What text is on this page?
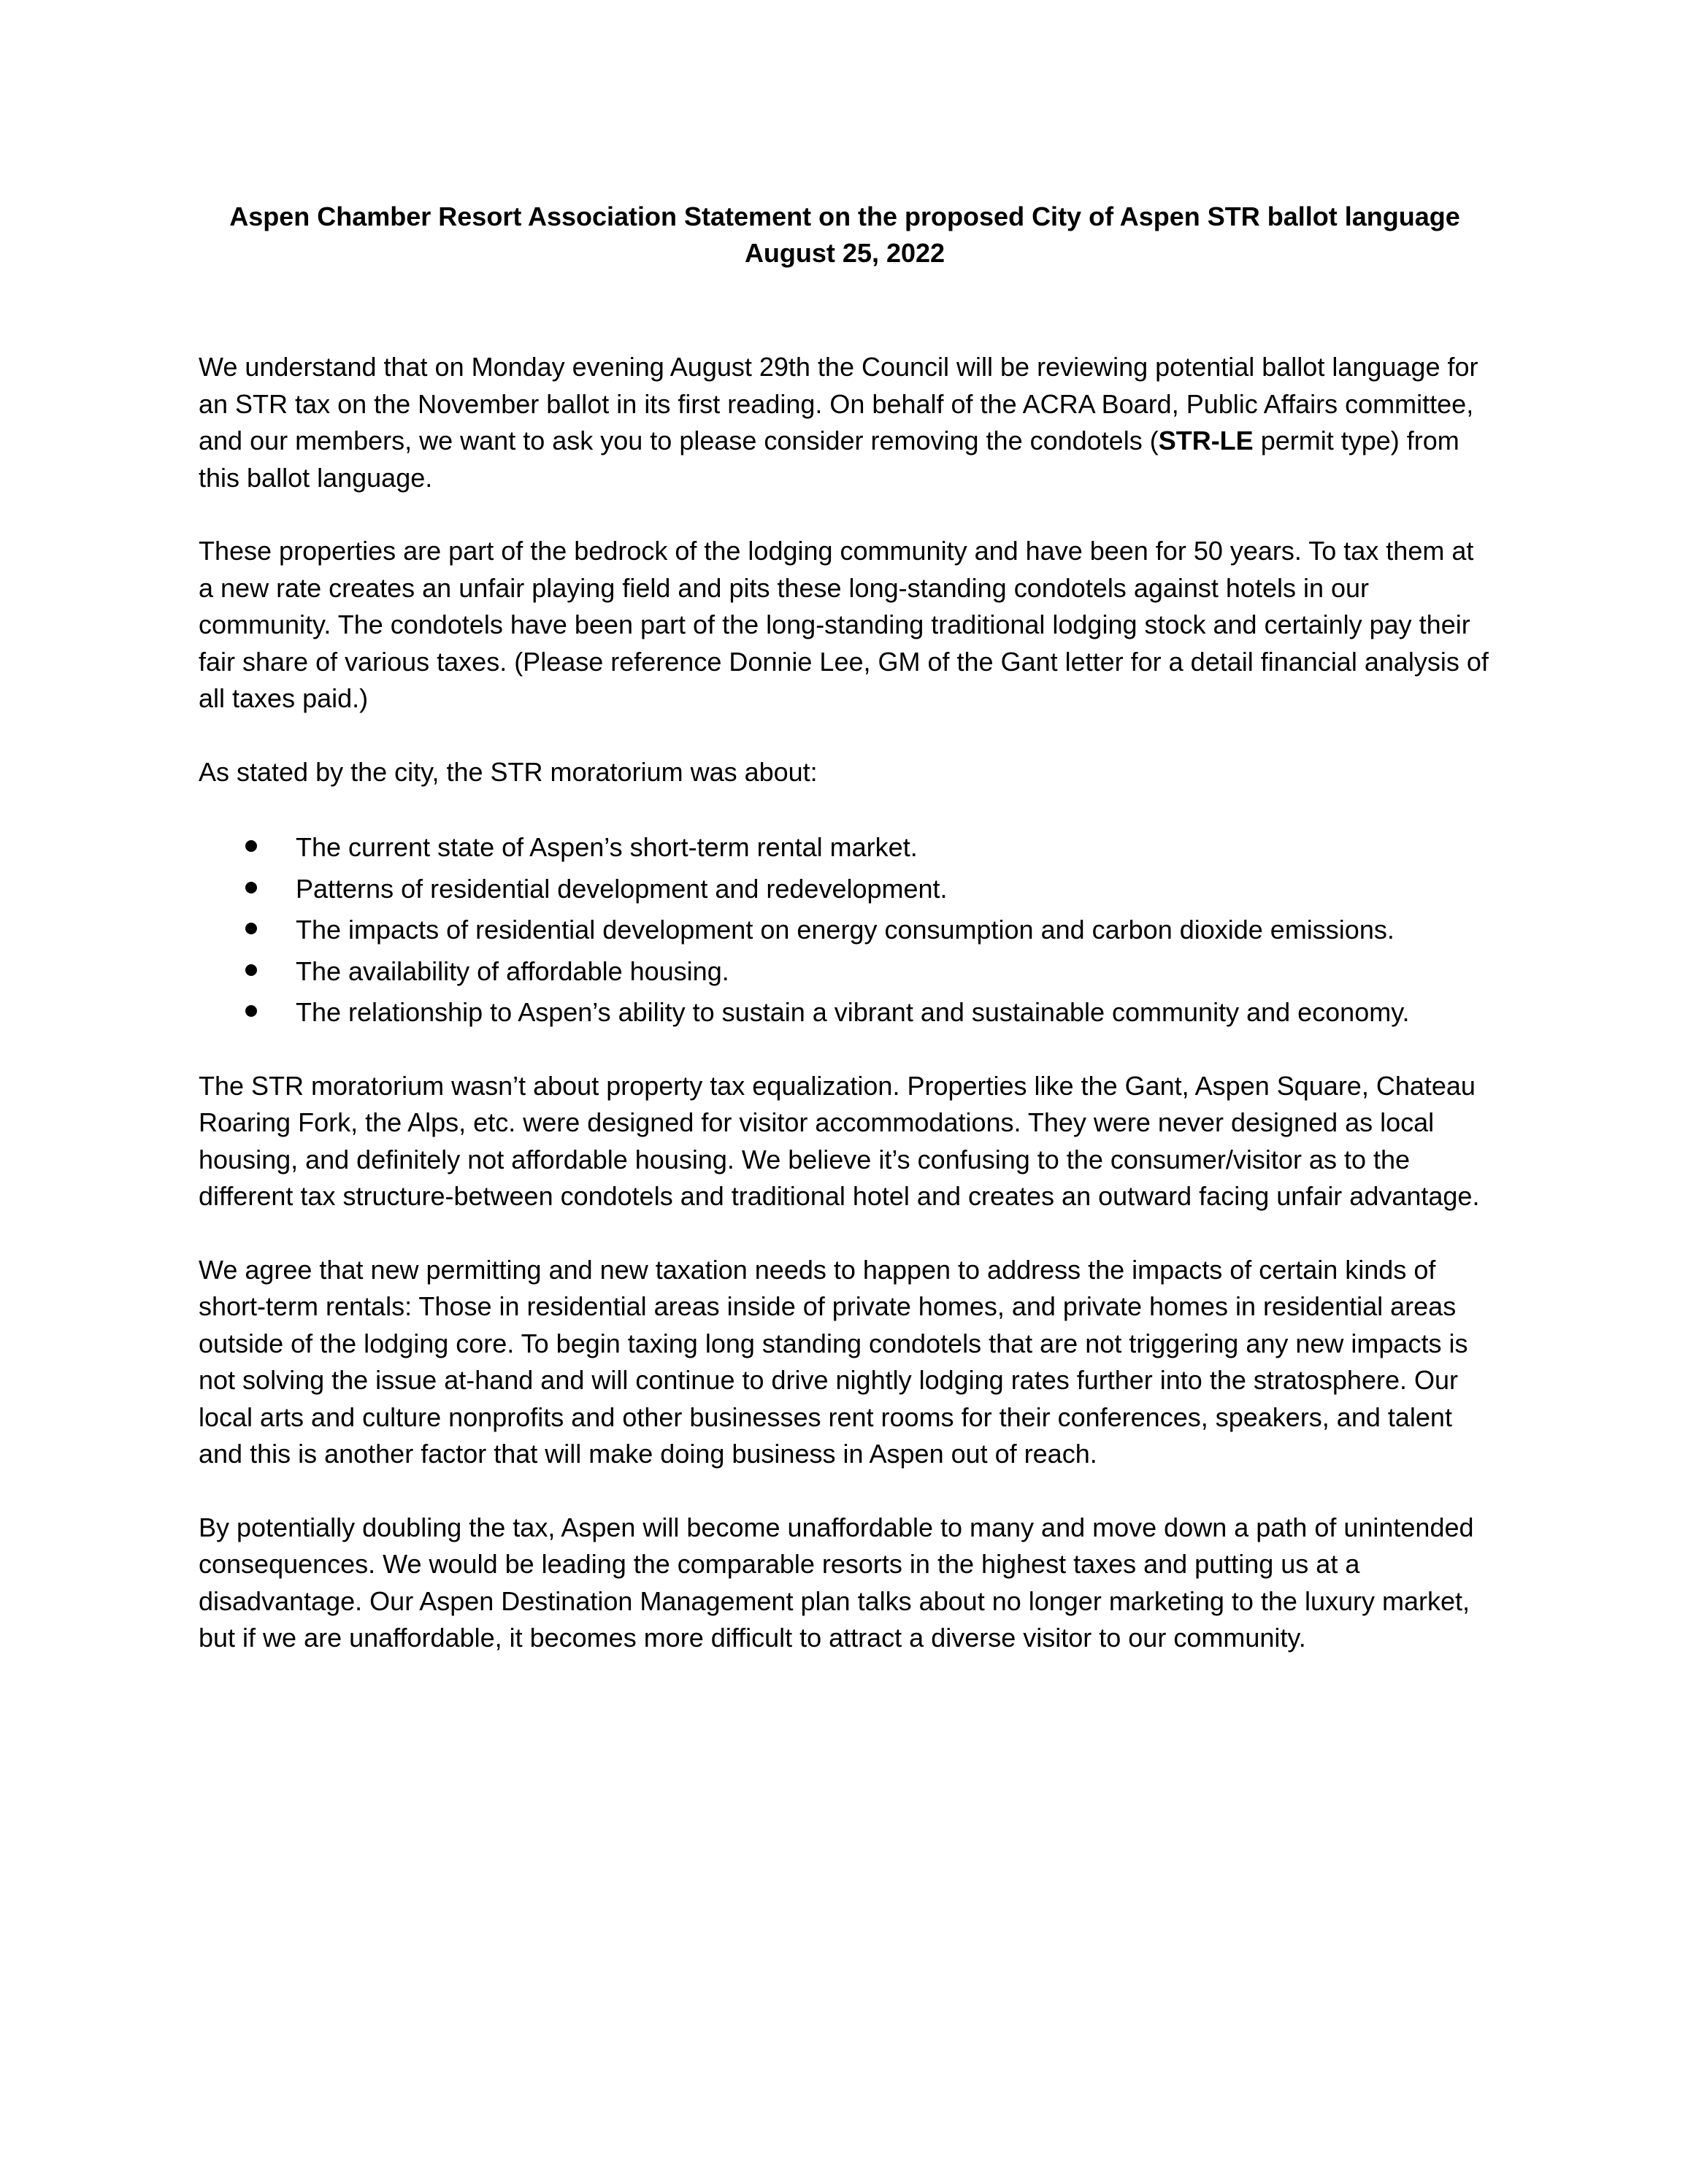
Aspen Chamber Resort Association Statement on the proposed City of Aspen STR ballot language

August 25, 2022

We understand that on Monday evening August 29th the Council will be reviewing potential ballot language for an STR tax on the November ballot in its first reading. On behalf of the ACRA Board, Public Affairs committee, and our members, we want to ask you to please consider removing the condotels (STR-LE permit type) from this ballot language.

These properties are part of the bedrock of the lodging community and have been for 50 years. To tax them at a new rate creates an unfair playing field and pits these long-standing condotels against hotels in our community. The condotels have been part of the long-standing traditional lodging stock and certainly pay their fair share of various taxes. (Please reference Donnie Lee, GM of the Gant letter for a detail financial analysis of all taxes paid.)

As stated by the city, the STR moratorium was about:

The current state of Aspen’s short-term rental market.
Patterns of residential development and redevelopment.
The impacts of residential development on energy consumption and carbon dioxide emissions.
The availability of affordable housing.
The relationship to Aspen’s ability to sustain a vibrant and sustainable community and economy.

The STR moratorium wasn’t about property tax equalization. Properties like the Gant, Aspen Square, Chateau Roaring Fork, the Alps, etc. were designed for visitor accommodations. They were never designed as local housing, and definitely not affordable housing. We believe it’s confusing to the consumer/visitor as to the different tax structure-between condotels and traditional hotel and creates an outward facing unfair advantage.

We agree that new permitting and new taxation needs to happen to address the impacts of certain kinds of short-term rentals: Those in residential areas inside of private homes, and private homes in residential areas outside of the lodging core. To begin taxing long standing condotels that are not triggering any new impacts is not solving the issue at-hand and will continue to drive nightly lodging rates further into the stratosphere. Our local arts and culture nonprofits and other businesses rent rooms for their conferences, speakers, and talent and this is another factor that will make doing business in Aspen out of reach.

By potentially doubling the tax, Aspen will become unaffordable to many and move down a path of unintended consequences. We would be leading the comparable resorts in the highest taxes and putting us at a disadvantage. Our Aspen Destination Management plan talks about no longer marketing to the luxury market, but if we are unaffordable, it becomes more difficult to attract a diverse visitor to our community.
